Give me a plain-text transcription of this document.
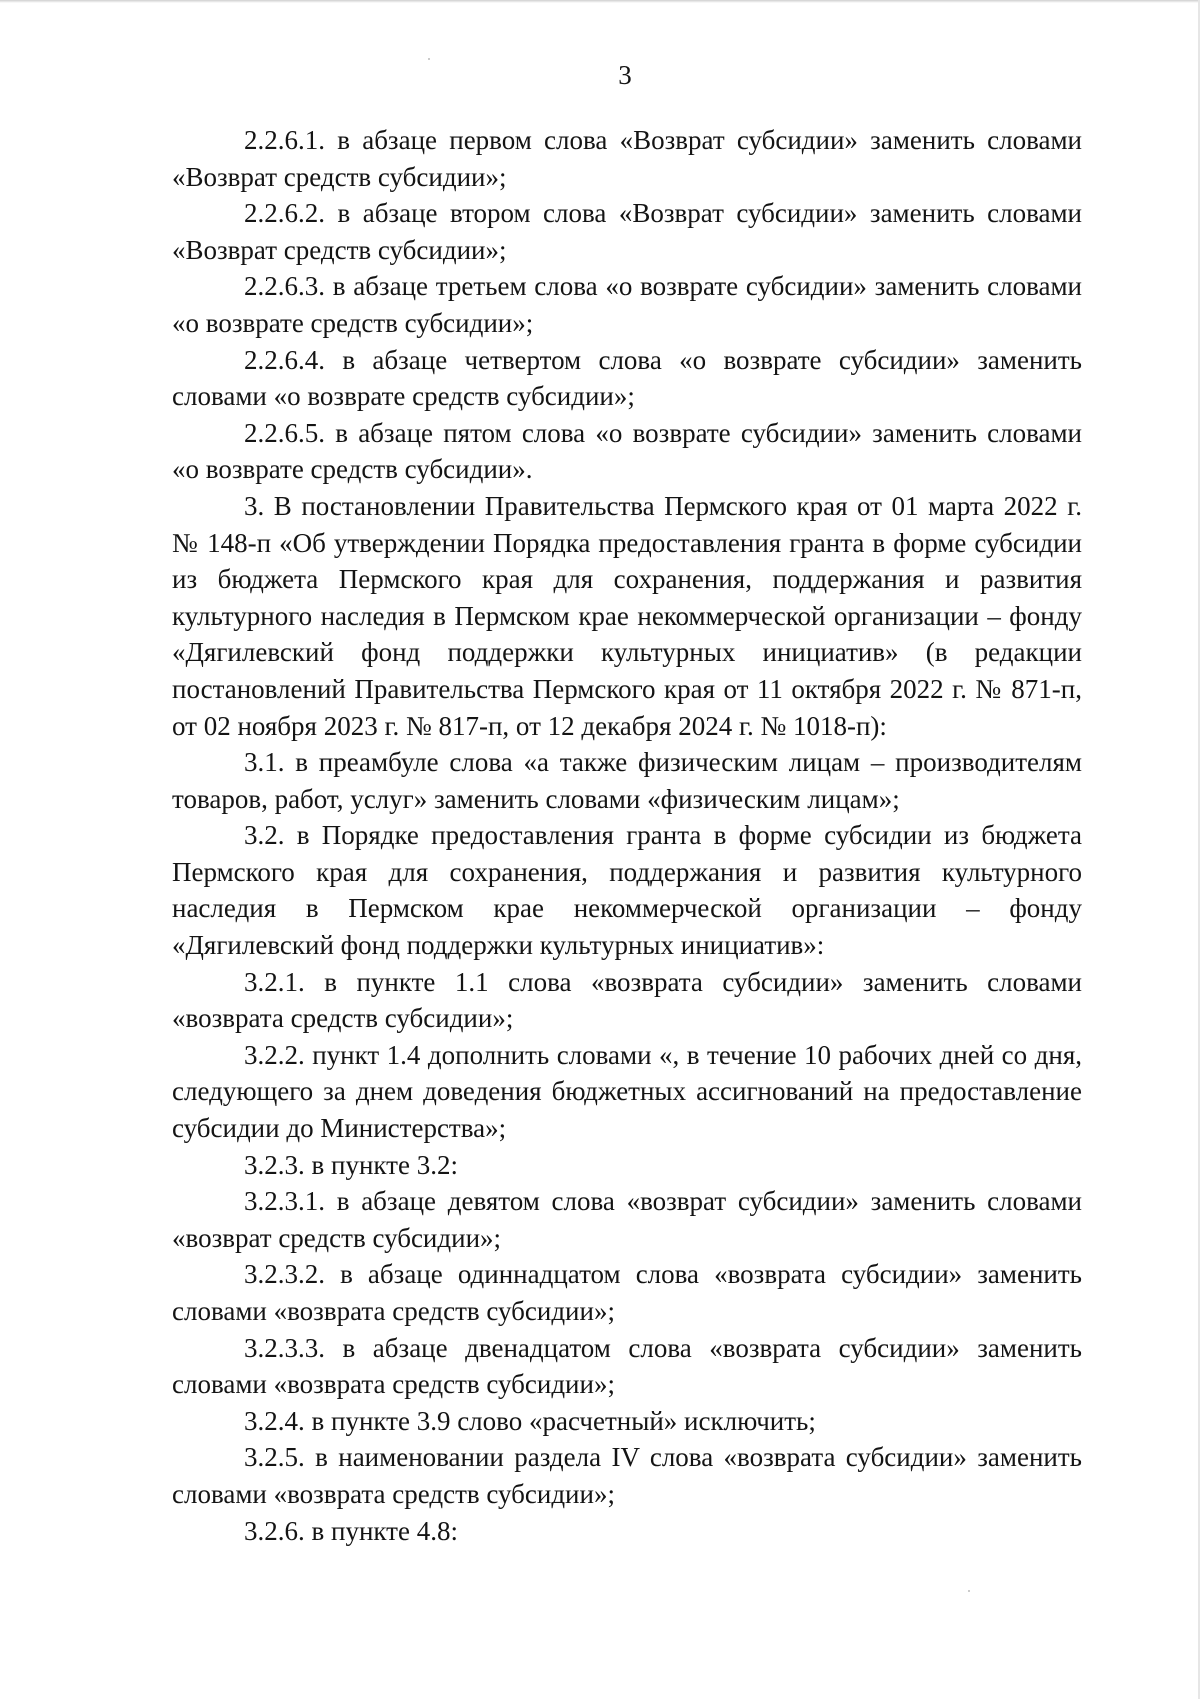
3

2.2.6.1. в абзаце первом слова «Возврат субсидии» заменить словами «Возврат средств субсидии»;

2.2.6.2. в абзаце втором слова «Возврат субсидии» заменить словами «Возврат средств субсидии»;

2.2.6.3. в абзаце третьем слова «о возврате субсидии» заменить словами «о возврате средств субсидии»;

2.2.6.4. в абзаце четвертом слова «о возврате субсидии» заменить словами «о возврате средств субсидии»;

2.2.6.5. в абзаце пятом слова «о возврате субсидии» заменить словами «о возврате средств субсидии».

3. В постановлении Правительства Пермского края от 01 марта 2022 г. № 148-п «Об утверждении Порядка предоставления гранта в форме субсидии из бюджета Пермского края для сохранения, поддержания и развития культурного наследия в Пермском крае некоммерческой организации – фонду «Дягилевский фонд поддержки культурных инициатив» (в редакции постановлений Правительства Пермского края от 11 октября 2022 г. № 871-п, от 02 ноября 2023 г. № 817-п, от 12 декабря 2024 г. № 1018-п):

3.1. в преамбуле слова «а также физическим лицам – производителям товаров, работ, услуг» заменить словами «физическим лицам»;

3.2. в Порядке предоставления гранта в форме субсидии из бюджета Пермского края для сохранения, поддержания и развития культурного наследия в Пермском крае некоммерческой организации – фонду «Дягилевский фонд поддержки культурных инициатив»:

3.2.1. в пункте 1.1 слова «возврата субсидии» заменить словами «возврата средств субсидии»;

3.2.2. пункт 1.4 дополнить словами «, в течение 10 рабочих дней со дня, следующего за днем доведения бюджетных ассигнований на предоставление субсидии до Министерства»;

3.2.3. в пункте 3.2:

3.2.3.1. в абзаце девятом слова «возврат субсидии» заменить словами «возврат средств субсидии»;

3.2.3.2. в абзаце одиннадцатом слова «возврата субсидии» заменить словами «возврата средств субсидии»;

3.2.3.3. в абзаце двенадцатом слова «возврата субсидии» заменить словами «возврата средств субсидии»;

3.2.4. в пункте 3.9 слово «расчетный» исключить;

3.2.5. в наименовании раздела IV слова «возврата субсидии» заменить словами «возврата средств субсидии»;

3.2.6. в пункте 4.8:
